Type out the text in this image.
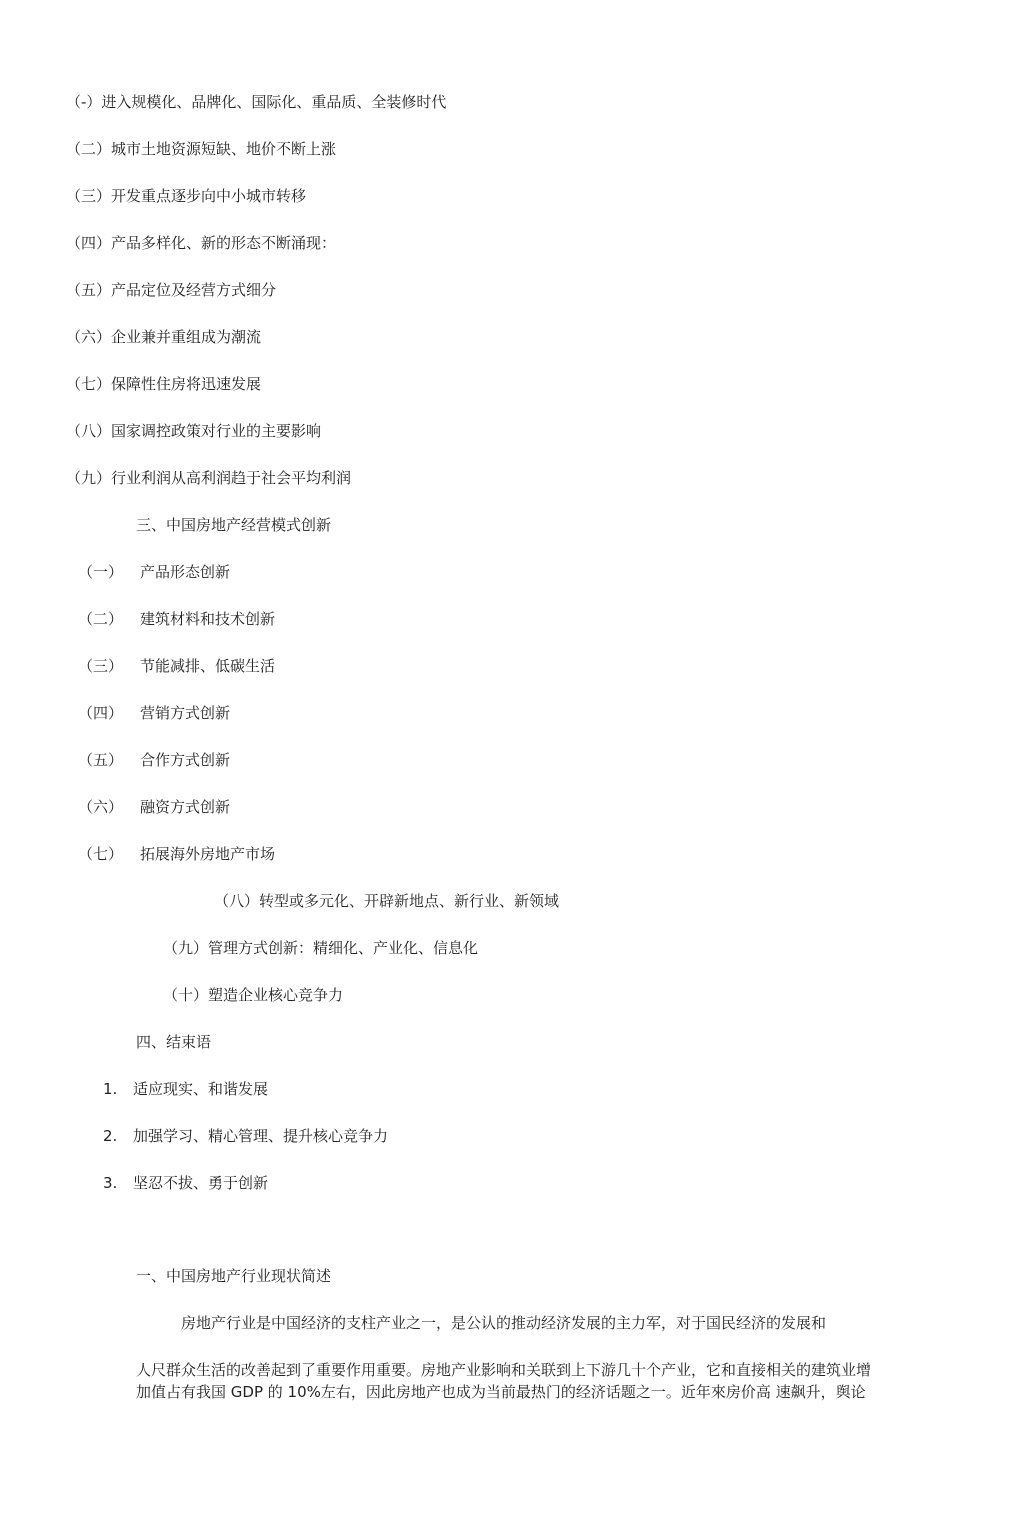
（-）进入规模化、品牌化、国际化、重品质、全装修时代
（二）城市土地资源短缺、地价不断上涨
（三）开发重点逐步向中小城市转移
（四）产品多样化、新的形态不断涌现：
（五）产品定位及经营方式细分
（六）企业兼并重组成为潮流
（七）保障性住房将迅速发展
（八）国家调控政策对行业的主要影响
（九）行业利润从高利润趋于社会平均利润
三、中国房地产经营模式创新
（一） 产品形态创新
（二） 建筑材料和技术创新
（三） 节能减排、低碳生活
（四） 营销方式创新
（五） 合作方式创新
（六） 融资方式创新
（七） 拓展海外房地产市场
（八）转型或多元化、开辟新地点、新行业、新领域
（九）管理方式创新：精细化、产业化、信息化
（十）塑造企业核心竞争力
四、结束语
1. 适应现实、和谐发展
2. 加强学习、精心管理、提升核心竞争力
3. 坚忍不拔、勇于创新
一、中国房地产行业现状简述
房地产行业是中国经济的支柱产业之一，是公认的推动经济发展的主力军，对于国民经济的发展和
人尺群众生活的改善起到了重要作用重要。房地产业影响和关联到上下游几十个产业，它和直接相关的建筑业增
加值占有我国 GDP 的 10%左右，因此房地产也成为当前最热门的经济话题之一。近年來房价高 速飙升，舆论
